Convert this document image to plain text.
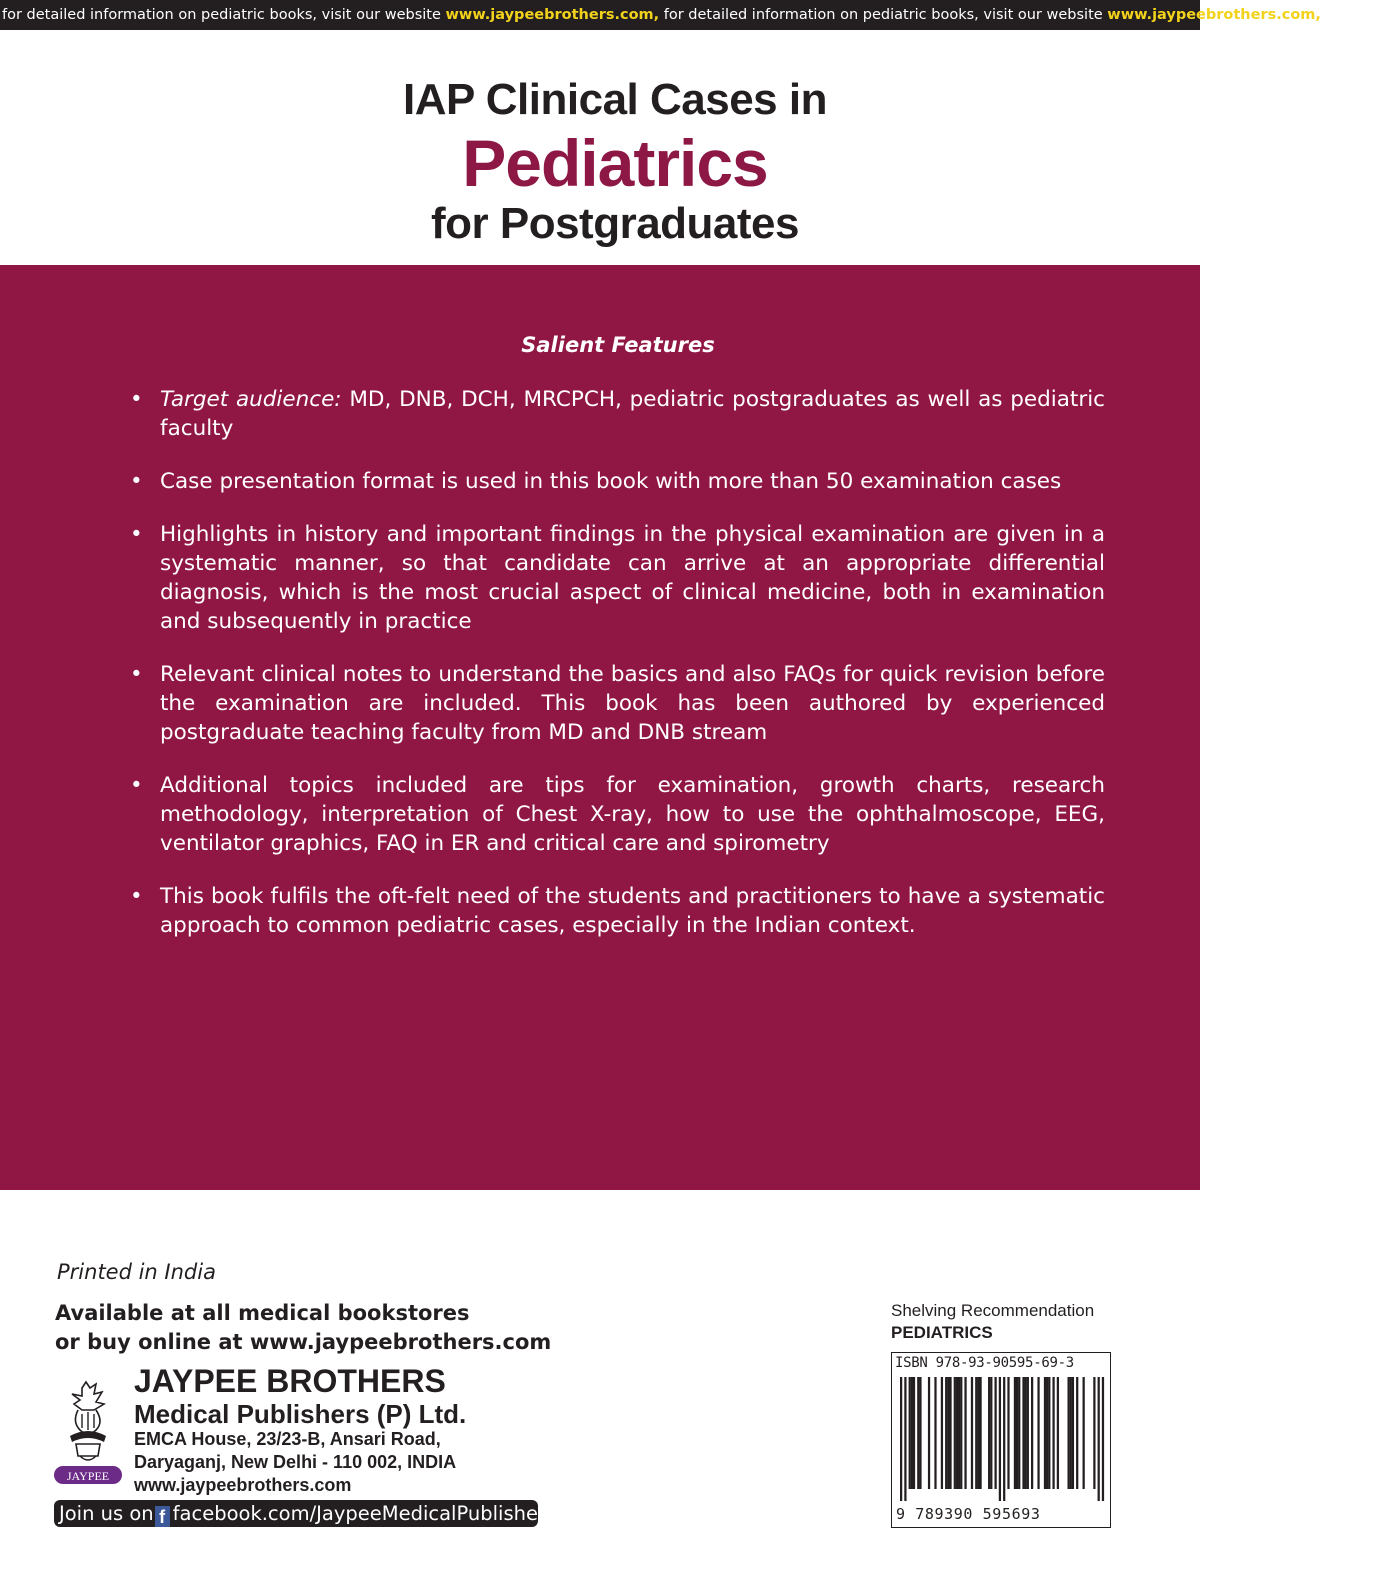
for detailed information on pediatric books, visit our website www.jaypeebrothers.com, for detailed information on pediatric books, visit our website www.jaypeebrothers.com, for deta
IAP Clinical Cases in
Pediatrics
for Postgraduates
Salient Features
• Target audience: MD, DNB, DCH, MRCPCH, pediatric postgraduates as well as pediatric faculty
• Case presentation format is used in this book with more than 50 examination cases
• Highlights in history and important findings in the physical examination are given in a systematic manner, so that candidate can arrive at an appropriate differential diagnosis, which is the most crucial aspect of clinical medicine, both in examination and subsequently in practice
• Relevant clinical notes to understand the basics and also FAQs for quick revision before the examination are included. This book has been authored by experienced postgraduate teaching faculty from MD and DNB stream
• Additional topics included are tips for examination, growth charts, research methodology, interpretation of Chest X-ray, how to use the ophthalmoscope, EEG, ventilator graphics, FAQ in ER and critical care and spirometry
• This book fulfils the oft-felt need of the students and practitioners to have a systematic approach to common pediatric cases, especially in the Indian context.
Printed in India
Available at all medical bookstores
or buy online at www.jaypeebrothers.com
JAYPEE
JAYPEE BROTHERS
Medical Publishers (P) Ltd.
EMCA House, 23/23-B, Ansari Road,
Daryaganj, New Delhi - 110 002, INDIA
www.jaypeebrothers.com
Join us on f facebook.com/JaypeeMedicalPublishers
Shelving Recommendation
PEDIATRICS
ISBN 978-93-90595-69-3
9 789390 595693
